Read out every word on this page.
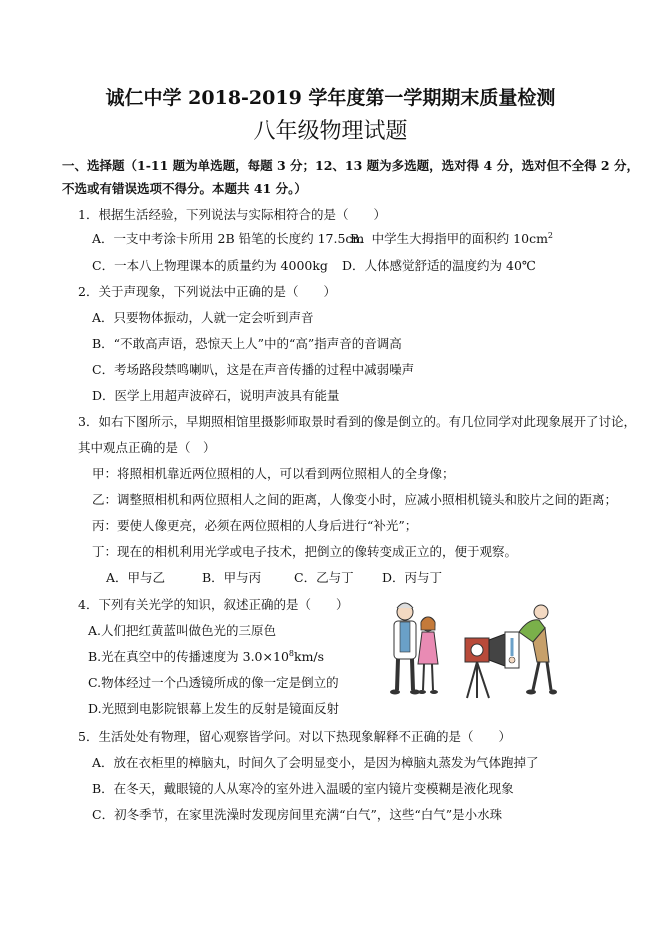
诚仁中学 2018-2019 学年度第一学期期末质量检测
八年级物理试题
一、选择题（1-11 题为单选题，每题 3 分；12、13 题为多选题，选对得 4 分，选对但不全得 2 分，
不选或有错误选项不得分。本题共 41 分。）
1．根据生活经验，下列说法与实际相符合的是（　　）
A．一支中考涂卡所用 2B 铅笔的长度约 17.5cm
B．中学生大拇指甲的面积约 $10cm^2$
C．一本八上物理课本的质量约为 4000kg D．人体感觉舒适的温度约为 40℃
2．关于声现象，下列说法中正确的是（　　）
A．只要物体振动，人就一定会听到声音
B．“不敢高声语，恐惊天上人”中的“高”指声音的音调高
C．考场路段禁鸣喇叭，这是在声音传播的过程中减弱噪声
D．医学上用超声波碎石，说明声波具有能量
3．如右下图所示，早期照相馆里摄影师取景时看到的像是倒立的。有几位同学对此现象展开了讨论，
其中观点正确的是（　）
甲：将照相机靠近两位照相的人，可以看到两位照相人的全身像；
乙：调整照相机和两位照相人之间的距离，人像变小时，应减小照相机镜头和胶片之间的距离；
丙：要使人像更亮，必须在两位照相的人身后进行“补光”；
丁：现在的相机利用光学或电子技术，把倒立的像转变成正立的，便于观察。
A．甲与乙	B．甲与丙	C．乙与丁 D．丙与丁
4．下列有关光学的知识，叙述正确的是（　　）
A.人们把红黄蓝叫做色光的三原色
B.光在真空中的传播速度为 $3.0\times 10^8km/s$
C.物体经过一个凸透镜所成的像一定是倒立的
D.光照到电影院银幕上发生的反射是镜面反射
5．生活处处有物理，留心观察皆学问。对以下热现象解释不正确的是（　　）
A．放在衣柜里的樟脑丸，时间久了会明显变小，是因为樟脑丸蒸发为气体跑掉了
B．在冬天，戴眼镜的人从寒冷的室外进入温暖的室内镜片变模糊是液化现象
C．初冬季节，在家里洗澡时发现房间里充满“白气”，这些“白气”是小水珠
